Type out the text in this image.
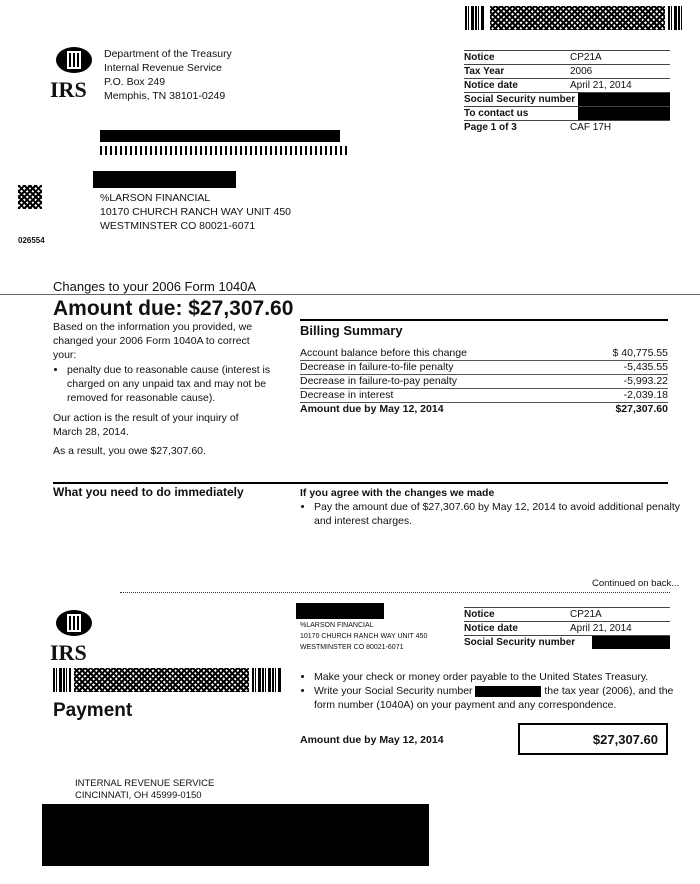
IRS
Department of the Treasury
Internal Revenue Service
P.O. Box 249
Memphis, TN 38101-0249
Notice	CP21A
Tax Year	2006
Notice date	April 21, 2014
Social Security number
To contact us
Page 1 of 3	CAF 17H
%LARSON FINANCIAL
10170 CHURCH RANCH WAY UNIT 450
WESTMINSTER CO 80021-6071
026554
Changes to your 2006 Form 1040A
Amount due: $27,307.60
Based on the information you provided, we changed your 2006 Form 1040A to correct your:
• penalty due to reasonable cause (interest is charged on any unpaid tax and may not be removed for reasonable cause).
Our action is the result of your inquiry of March 28, 2014.
As a result, you owe $27,307.60.
Billing Summary
Account balance before this change	$ 40,775.55
Decrease in failure-to-file penalty	-5,435.55
Decrease in failure-to-pay penalty	-5,993.22
Decrease in interest	-2,039.18
Amount due by May 12, 2014	$27,307.60
What you need to do immediately	If you agree with the changes we made
• Pay the amount due of $27,307.60 by May 12, 2014 to avoid additional penalty and interest charges.
Continued on back...
IRS
%LARSON FINANCIAL
10170 CHURCH RANCH WAY UNIT 450
WESTMINSTER CO 80021-6071
Notice	CP21A
Notice date	April 21, 2014
Social Security number
Payment
• Make your check or money order payable to the United States Treasury.
• Write your Social Security number	the tax year (2006), and the form number (1040A) on your payment and any correspondence.
Amount due by May 12, 2014	$27,307.60
INTERNAL REVENUE SERVICE
CINCINNATI, OH 45999-0150
